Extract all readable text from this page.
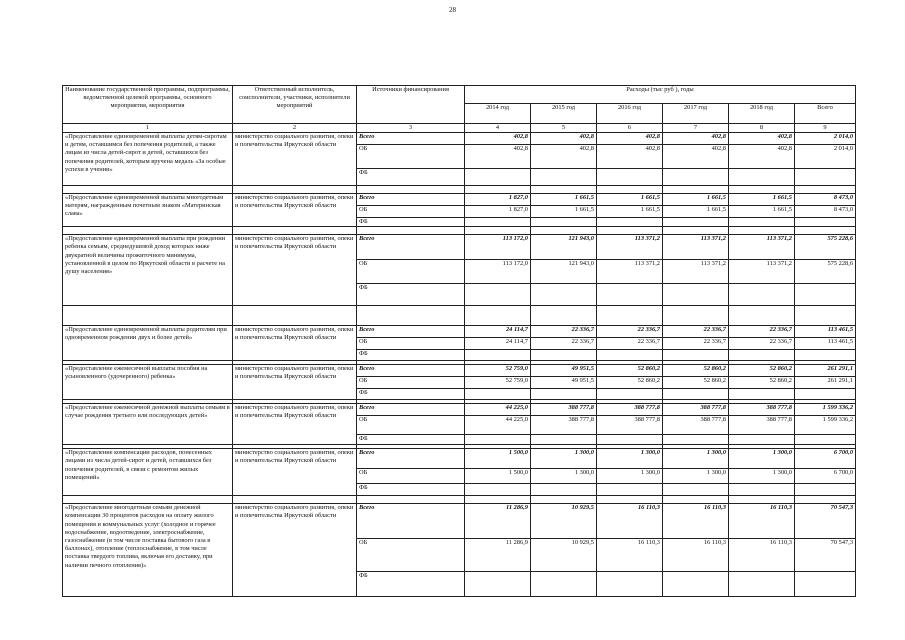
28
Наименование государственной программы, подпрограммы, ведомственной целевой программы, основного мероприятия, мероприятия	Ответственный исполнитель, соисполнители, участники, исполнители мероприятий	Источники финансирования	Расходы (тыс руб ), годы					
			2014 год	2015 год	2016 год	2017 год	2018 год	Всего
1	2	3	4	5	6	7	8	9
«Предоставление единовременной выплаты детям-сиротам и детям, оставшимся без попечения родителей, а также лицам из числа детей-сирот и детей, оставшихся без попечения родителей, которым вручена медаль «За особые успехи в учении»	министерство социального развития, опеки и попечительства Иркутской области	Всего	402,8	402,8	402,8	402,8	402,8	2 014,0
		ОБ	402,8	402,8	402,8	402,8	402,8	2 014,0
		ФБ						

«Предоставление единовременной выплаты многодетным матерям, награжденным почетным знаком «Материнская слава»	министерство социального развития, опеки и попечительства Иркутской области	Всего	1 827,0	1 661,5	1 661,5	1 661,5	1 661,5	8 473,0
		ОБ	1 827,0	1 661,5	1 661,5	1 661,5	1 661,5	8 473,0
		ФБ						

«Предоставление единовременной выплаты при рождении ребенка семьям, среднедушевой доход которых ниже двукратной величины прожиточного минимума, установленной в целом по Иркутской области в расчете на душу населения»	министерство социального развития, опеки и попечительства Иркутской области	Всего	113 172,0	121 943,0	113 371,2	113 371,2	113 371,2	575 228,6
		ОБ	113 172,0	121 943,0	113 371,2	113 371,2	113 371,2	575 228,6
		ФБ						

«Предоставление единовременной выплаты родителям при одновременном рождении двух и более детей»	министерство социального развития, опеки и попечительства Иркутской области	Всего	24 114,7	22 336,7	22 336,7	22 336,7	22 336,7	113 461,5
		ОБ	24 114,7	22 336,7	22 336,7	22 336,7	22 336,7	113 461,5
		ФБ						

«Предоставление ежемесячной выплаты пособия на усыновленного (удочеренного) ребенка»	министерство социального развития, опеки и попечительства Иркутской области	Всего	52 759,0	49 951,5	52 860,2	52 860,2	52 860,2	261 291,1
		ОБ	52 759,0	49 951,5	52 860,2	52 860,2	52 860,2	261 291,1
		ФБ						

«Предоставление ежемесячной денежной выплаты семьям в случае рождения третьего или последующих детей»	министерство социального развития, опеки и попечительства Иркутской области	Всего	44 225,0	388 777,8	388 777,8	388 777,8	388 777,8	1 599 336,2
		ОБ	44 225,0	388 777,8	388 777,8	388 777,8	388 777,8	1 599 336,2
		ФБ						

«Предоставление компенсации расходов, понесенных лицами из числа детей-сирот и детей, оставшихся без попечения родителей, в связи с ремонтом жилых помещений»	министерство социального развития, опеки и попечительства Иркутской области	Всего	1 500,0	1 300,0	1 300,0	1 300,0	1 300,0	6 700,0
		ОБ	1 500,0	1 300,0	1 300,0	1 300,0	1 300,0	6 700,0
		ФБ						

«Предоставление многодетным семьям денежной компенсации 30 процентов расходов на оплату жилого помещения и коммунальных услуг (холодное и горячее водоснабжение, водоотведение, электроснабжение, газоснабжение (в том числе поставка бытового газа в баллонах), отопление (теплоснабжение, в том числе поставка твердого топлива, включая его доставку, при наличии печного отопления)»	министерство социального развития, опеки и попечительства Иркутской области	Всего	11 286,9	10 929,5	16 110,3	16 110,3	16 110,3	70 547,3
		ОБ	11 286,9	10 929,5	16 110,3	16 110,3	16 110,3	70 547,3
		ФБ						
